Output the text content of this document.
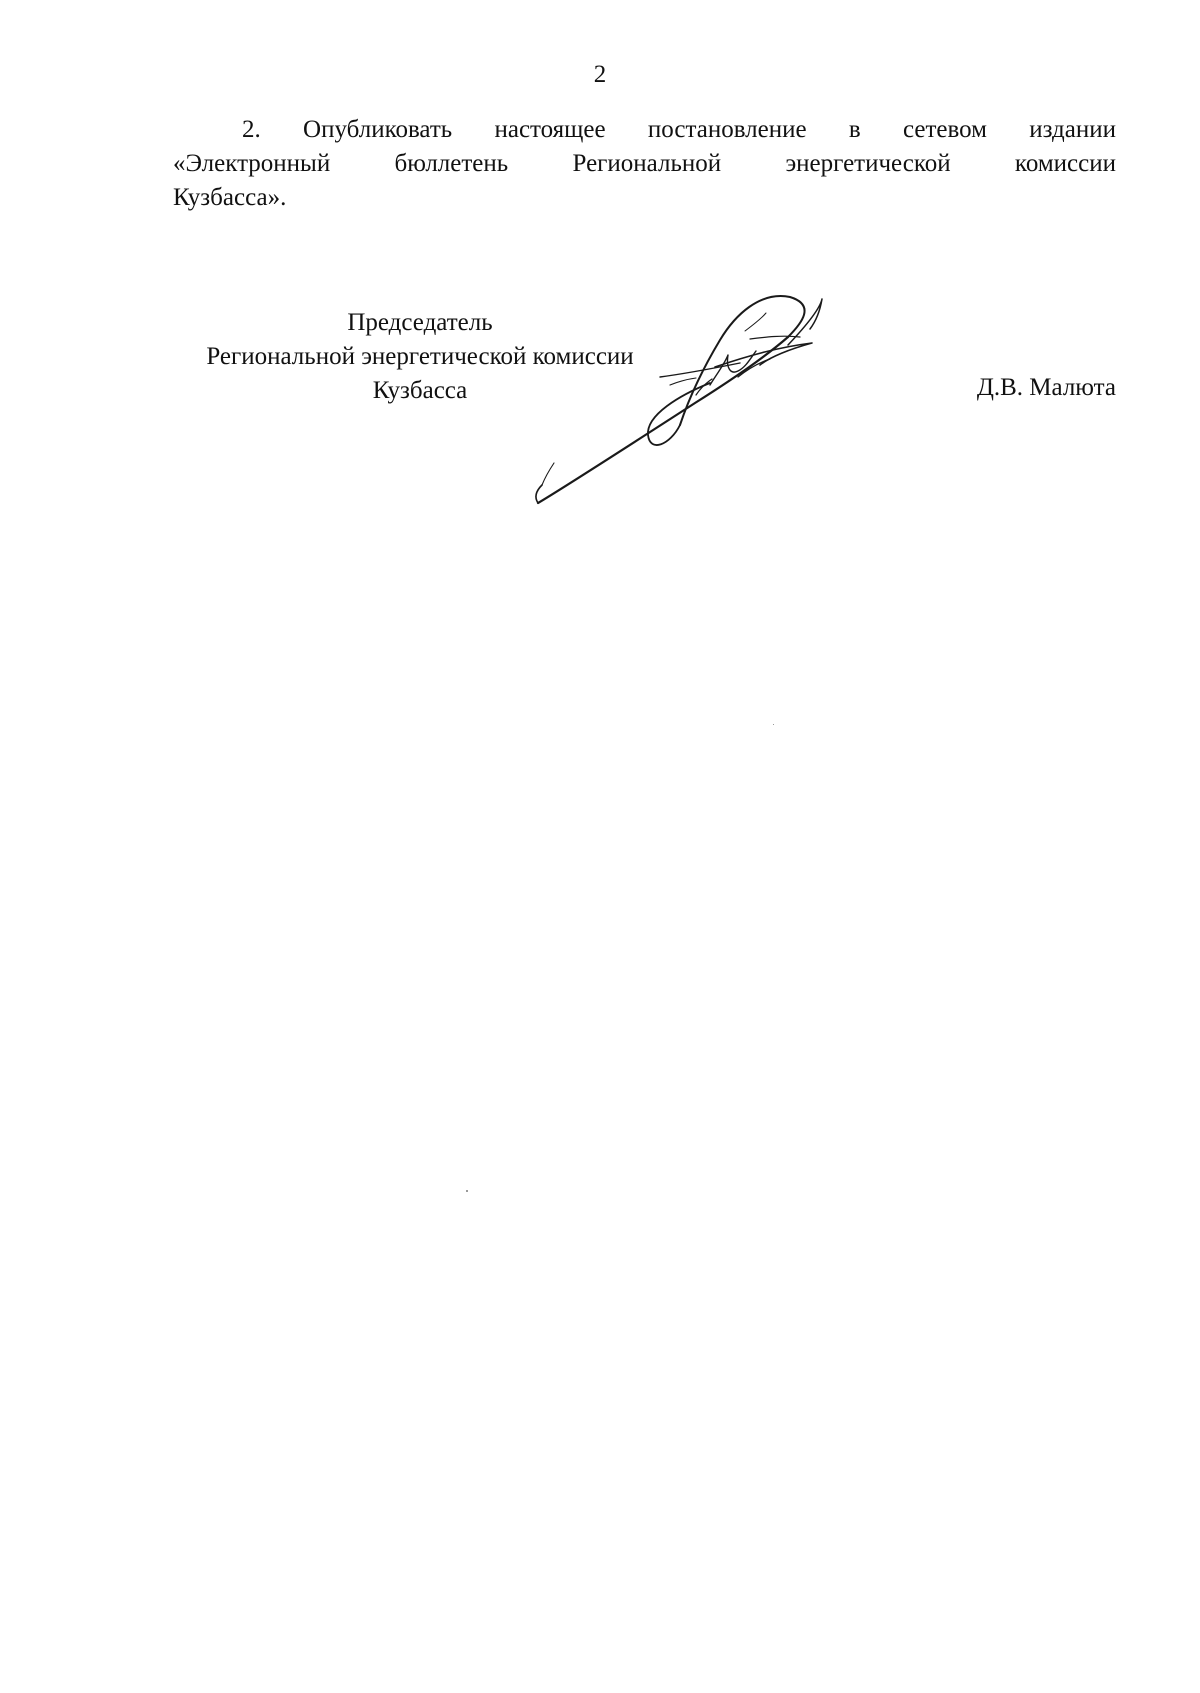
2
2. Опубликовать настоящее постановление в сетевом издании
«Электронный бюллетень Региональной энергетической комиссии
Кузбасса».
Председатель
Региональной энергетической комиссии
Кузбасса	Д.В. Малюта
